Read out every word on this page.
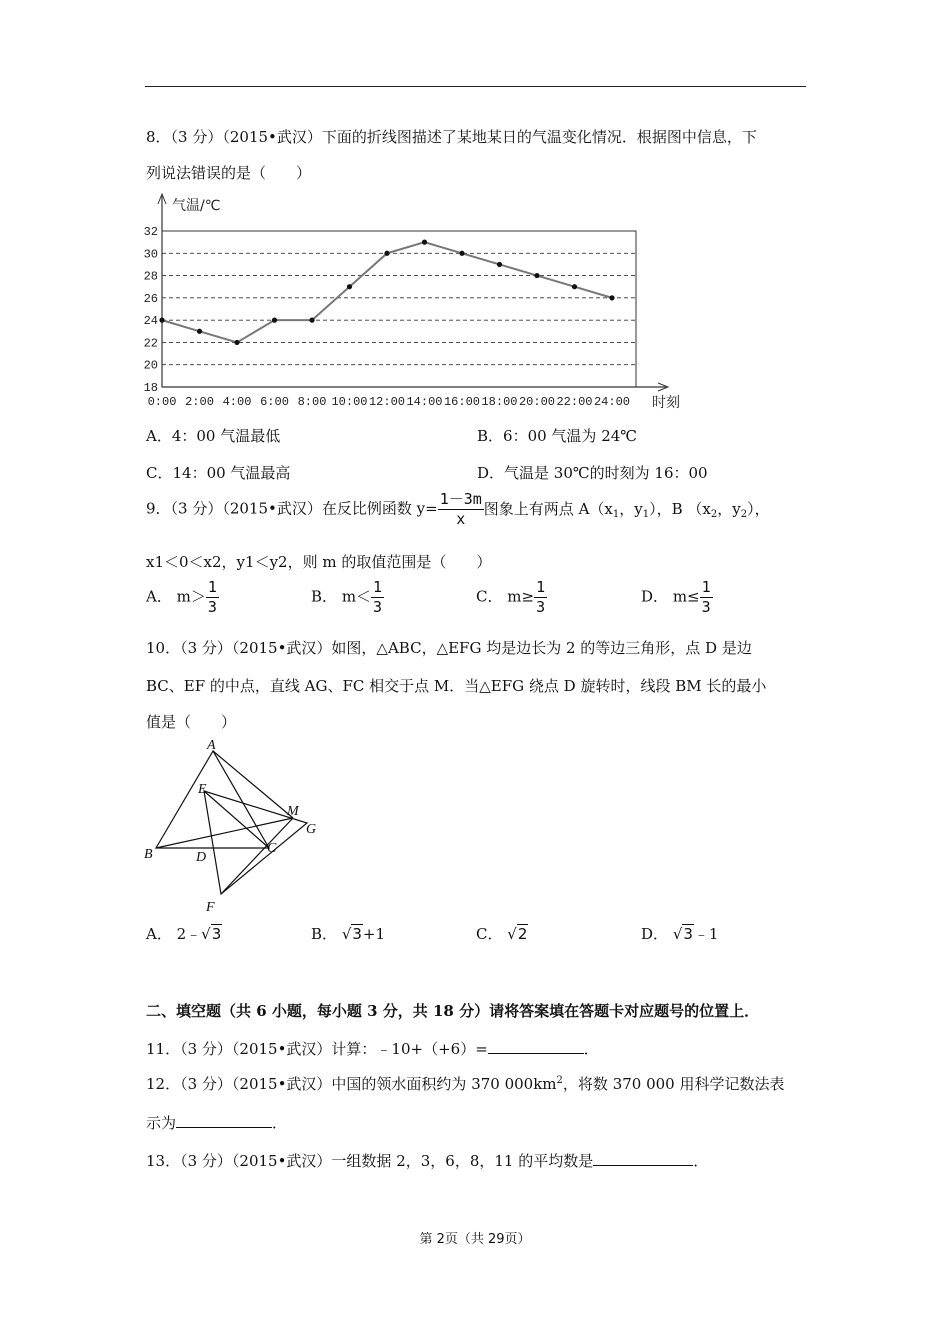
8．（3 分）（2015•武汉）下面的折线图描述了某地某日的气温变化情况．根据图中信息，下
列说法错误的是（　　）
18
20
22
24
26
28
30
32
0:00 2:00 4:00 6:00 8:00 10:00 12:00 14:00 16:00 18:00 20:00 22:00 24:00
气温/℃
时刻
A．4：00 气温最低	B．6：00 气温为 24℃
C．14：00 气温最高	D．气温是 30℃的时刻为 16：00
9．（3 分）（2015•武汉）在反比例函数 $y= \frac{1-3m}{x}$ 图象上有两点 $A(x_1$，$y_1$），B （$x_2$，$y_2$），
x1＜0＜x2，y1＜y2，则 m 的取值范围是（　　）
A． $m> \frac{1}{3}$	B． $m< \frac{1}{3}$	C． $m\ge \frac{1}{3}$	D． $m\le \frac{1}{3}$
10．（3 分）（2015•武汉）如图，△ABC，△EFG 均是边长为 2 的等边三角形，点 D 是边
BC、EF 的中点，直线 AG、FC 相交于点 M．当△EFG 绕点 D 旋转时，线段 BM 长的最小
值是（　　）
A
B	C
D
E
F
G
M
A． 2﹣√3	B． √3+1	C． √2	D． √3﹣1
二、填空题（共 6 小题，每小题 3 分，共 18 分）请将答案填在答题卡对应题号的位置上．
11．（3 分）（2015•武汉）计算：﹣10+（+6）=	．
12．（3 分）（2015•武汉）中国的领水面积约为 370 $000km^2$，将数 370 000 用科学记数法表
示为	．
13．（3 分）（2015•武汉）一组数据 2，3，6，8，11 的平均数是	．
第 2页（共 29页）
